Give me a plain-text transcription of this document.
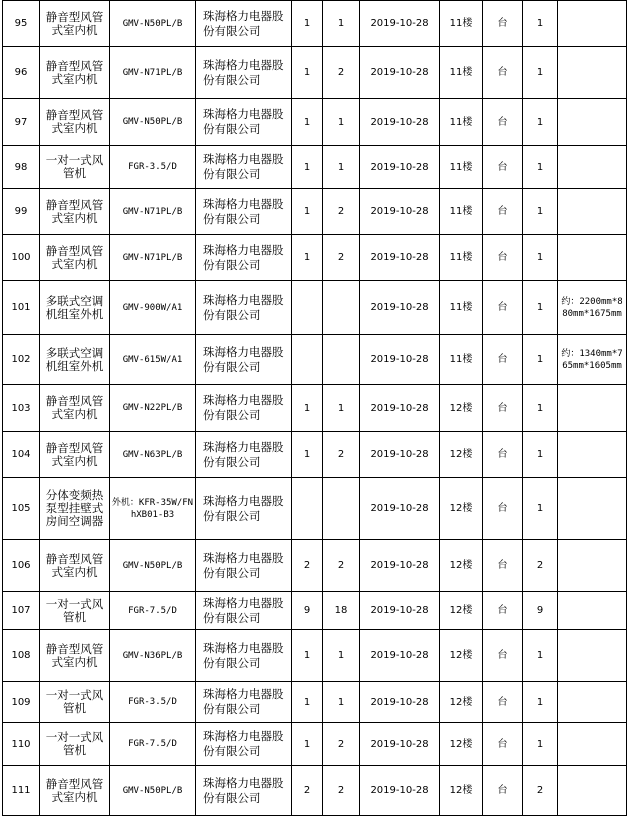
95	静音型风管式室内机	GMV-N50PL/B	珠海格力电器股份有限公司	1	1	2019-10-28	11楼	台	1	
96	静音型风管式室内机	GMV-N71PL/B	珠海格力电器股份有限公司	1	2	2019-10-28	11楼	台	1	
97	静音型风管式室内机	GMV-N50PL/B	珠海格力电器股份有限公司	1	1	2019-10-28	11楼	台	1	
98	一对一式风管机	FGR-3.5/D	珠海格力电器股份有限公司	1	1	2019-10-28	11楼	台	1	
99	静音型风管式室内机	GMV-N71PL/B	珠海格力电器股份有限公司	1	2	2019-10-28	11楼	台	1	
100	静音型风管式室内机	GMV-N71PL/B	珠海格力电器股份有限公司	1	2	2019-10-28	11楼	台	1	
101	多联式空调机组室外机	GMV-900W/A1	珠海格力电器股份有限公司			2019-10-28	11楼	台	1	约：2200mm*880mm*1675mm
102	多联式空调机组室外机	GMV-615W/A1	珠海格力电器股份有限公司			2019-10-28	11楼	台	1	约：1340mm*765mm*1605mm
103	静音型风管式室内机	GMV-N22PL/B	珠海格力电器股份有限公司	1	1	2019-10-28	12楼	台	1	
104	静音型风管式室内机	GMV-N63PL/B	珠海格力电器股份有限公司	1	2	2019-10-28	12楼	台	1	
105	分体变频热泵型挂壁式房间空调器	外机：KFR-35W/FNhXB01-B3	珠海格力电器股份有限公司			2019-10-28	12楼	台	1	
106	静音型风管式室内机	GMV-N50PL/B	珠海格力电器股份有限公司	2	2	2019-10-28	12楼	台	2	
107	一对一式风管机	FGR-7.5/D	珠海格力电器股份有限公司	9	18	2019-10-28	12楼	台	9	
108	静音型风管式室内机	GMV-N36PL/B	珠海格力电器股份有限公司	1	1	2019-10-28	12楼	台	1	
109	一对一式风管机	FGR-3.5/D	珠海格力电器股份有限公司	1	1	2019-10-28	12楼	台	1	
110	一对一式风管机	FGR-7.5/D	珠海格力电器股份有限公司	1	2	2019-10-28	12楼	台	1	
111	静音型风管式室内机	GMV-N50PL/B	珠海格力电器股份有限公司	2	2	2019-10-28	12楼	台	2	
